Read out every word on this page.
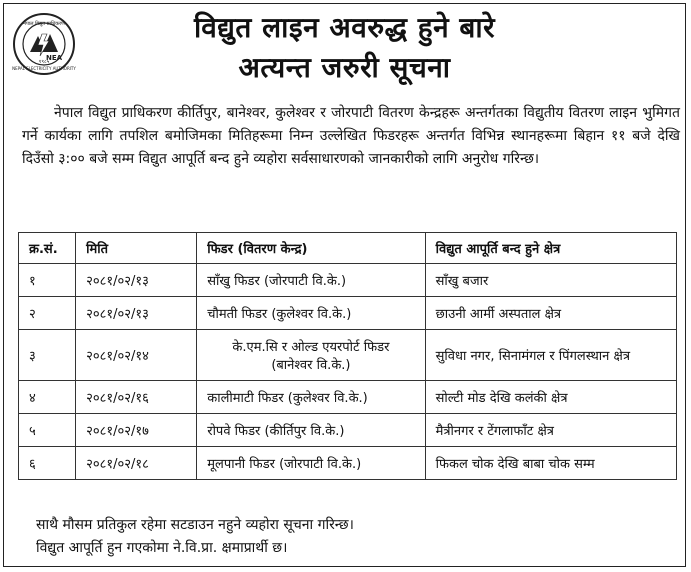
नेपाल विद्युत प्राधिकरण
NEPAL ELECTRICITY AUTHORITY
१९८५
NEA
विद्युत लाइन अवरुद्ध हुने बारे
अत्यन्त जरुरी सूचना

नेपाल विद्युत प्राधिकरण कीर्तिपुर, बानेश्वर, कुलेश्वर र जोरपाटी वितरण केन्द्रहरू अन्तर्गतका विद्युतीय वितरण लाइन भुमिगत गर्ने कार्यका लागि तपशिल बमोजिमका मितिहरूमा निम्न उल्लेखित फिडरहरू अन्तर्गत विभिन्न स्थानहरूमा बिहान ११ बजे देखि दिउँसो ३:०० बजे सम्म विद्युत आपूर्ति बन्द हुने व्यहोरा सर्वसाधारणको जानकारीको लागि अनुरोध गरिन्छ।

क्र.सं.	मिति	फिडर (वितरण केन्द्र)	विद्युत आपूर्ति बन्द हुने क्षेत्र
१	२०८१/०२/१३	साँखु फिडर (जोरपाटी वि.के.)	साँखु बजार
२	२०८१/०२/१३	चौमती फिडर (कुलेश्वर वि.के.)	छाउनी आर्मी अस्पताल क्षेत्र
३	२०८१/०२/१४	के.एम.सि र ओल्ड एयरपोर्ट फिडर
(बानेश्वर वि.के.)	सुविधा नगर, सिनामंगल र पिंगलस्थान क्षेत्र
४	२०८१/०२/१६	कालीमाटी फिडर (कुलेश्वर वि.के.)	सोल्टी मोड देखि कलंकी क्षेत्र
५	२०८१/०२/१७	रोपवे फिडर (कीर्तिपुर वि.के.)	मैत्रीनगर र टेंगलाफाँट क्षेत्र
६	२०८१/०२/१८	मूलपानी फिडर (जोरपाटी वि.के.)	फिकल चोक देखि बाबा चोक सम्म

साथै मौसम प्रतिकुल रहेमा सटडाउन नहुने व्यहोरा सूचना गरिन्छ।

विद्युत आपूर्ति हुन गएकोमा ने.वि.प्रा. क्षमाप्रार्थी छ।
